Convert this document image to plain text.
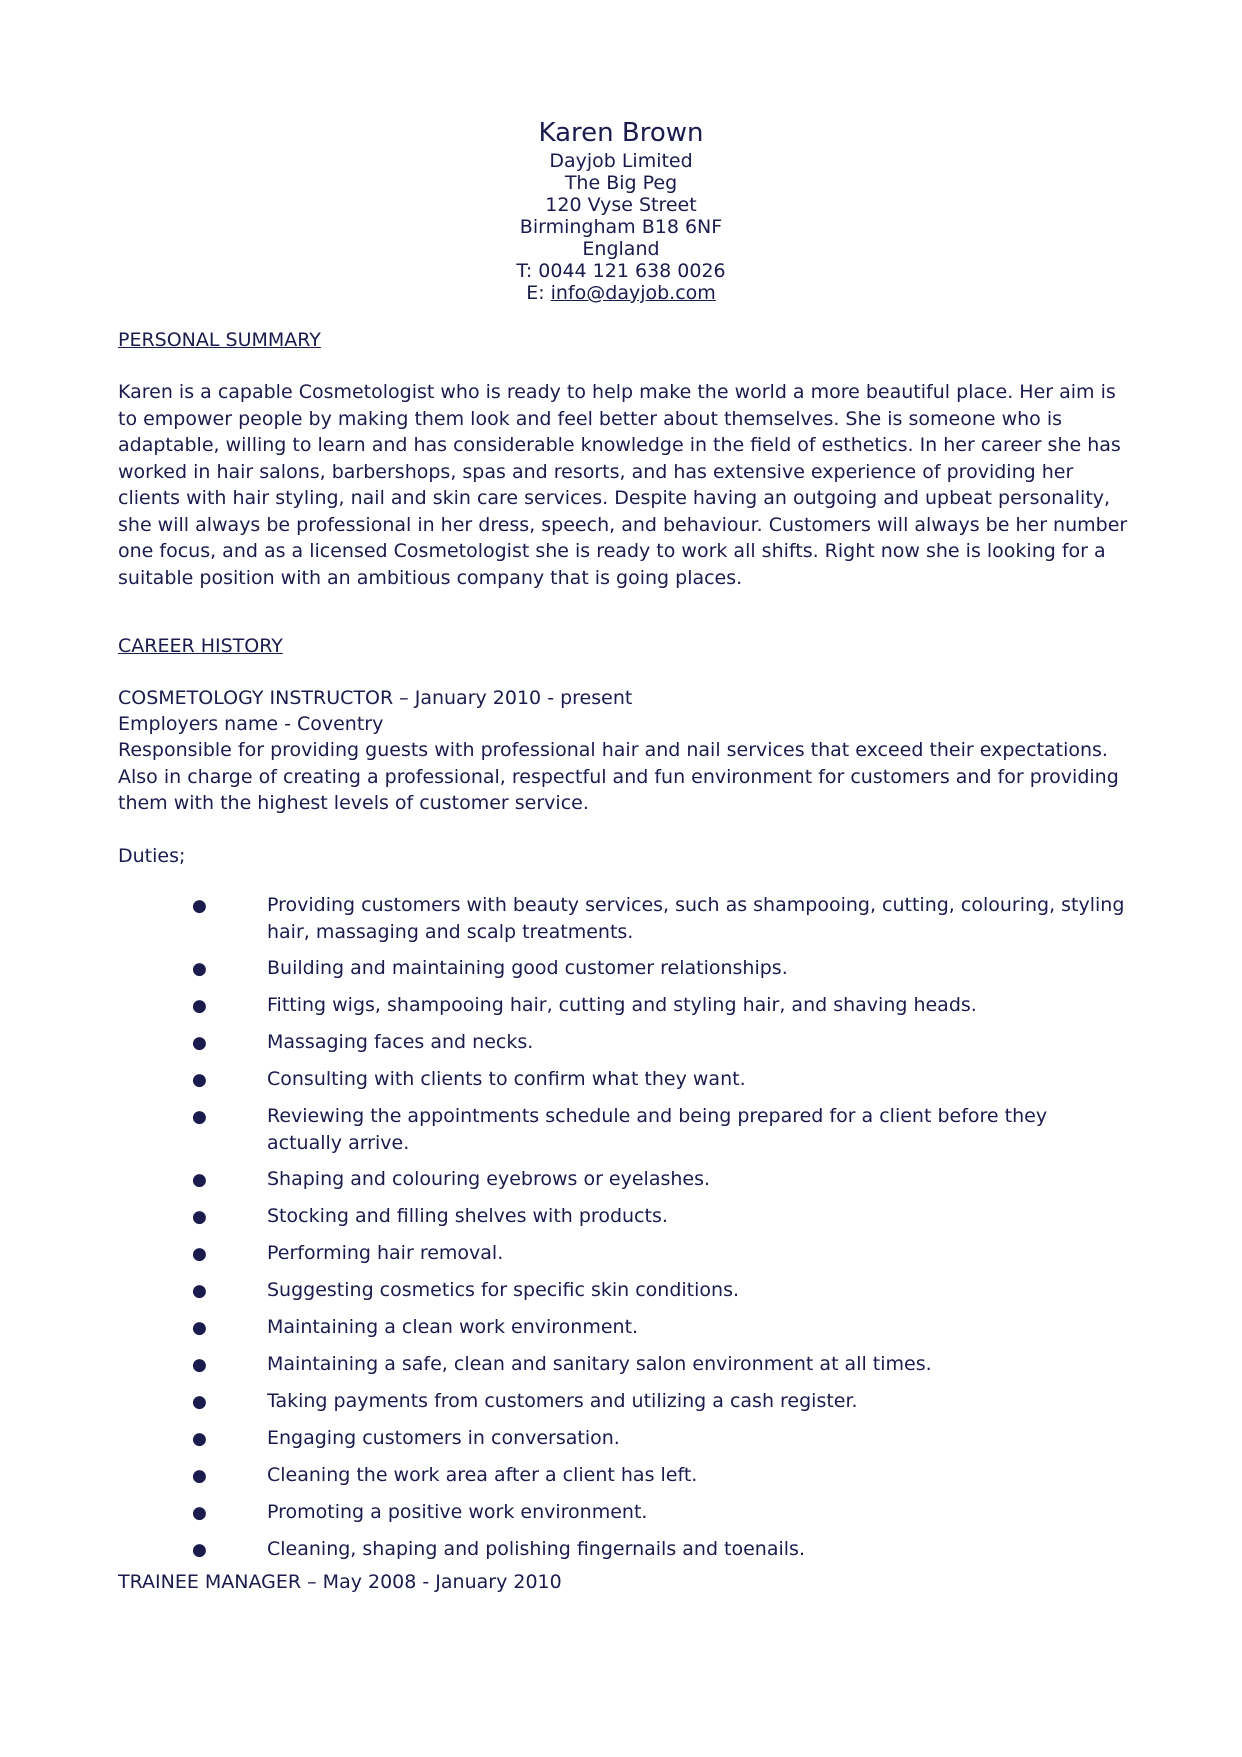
Karen Brown
Dayjob Limited
The Big Peg
120 Vyse Street
Birmingham B18 6NF
England
T: 0044 121 638 0026
E: info@dayjob.com
PERSONAL SUMMARY
Karen is a capable Cosmetologist who is ready to help make the world a more beautiful place. Her aim is to empower people by making them look and feel better about themselves. She is someone who is adaptable, willing to learn and has considerable knowledge in the field of esthetics. In her career she has worked in hair salons, barbershops, spas and resorts, and has extensive experience of providing her clients with hair styling, nail and skin care services. Despite having an outgoing and upbeat personality, she will always be professional in her dress, speech, and behaviour. Customers will always be her number one focus, and as a licensed Cosmetologist she is ready to work all shifts. Right now she is looking for a suitable position with an ambitious company that is going places.
CAREER HISTORY
COSMETOLOGY INSTRUCTOR – January 2010 - present
Employers name - Coventry
Responsible for providing guests with professional hair and nail services that exceed their expectations. Also in charge of creating a professional, respectful and fun environment for customers and for providing them with the highest levels of customer service.
Duties;
●	Providing customers with beauty services, such as shampooing, cutting, colouring, styling hair, massaging and scalp treatments.
●	Building and maintaining good customer relationships.
●	Fitting wigs, shampooing hair, cutting and styling hair, and shaving heads.
●	Massaging faces and necks.
●	Consulting with clients to confirm what they want.
●	Reviewing the appointments schedule and being prepared for a client before they actually arrive.
●	Shaping and colouring eyebrows or eyelashes.
●	Stocking and filling shelves with products.
●	Performing hair removal.
●	Suggesting cosmetics for specific skin conditions.
●	Maintaining a clean work environment.
●	Maintaining a safe, clean and sanitary salon environment at all times.
●	Taking payments from customers and utilizing a cash register.
●	Engaging customers in conversation.
●	Cleaning the work area after a client has left.
●	Promoting a positive work environment.
●	Cleaning, shaping and polishing fingernails and toenails.
TRAINEE MANAGER – May 2008 - January 2010
